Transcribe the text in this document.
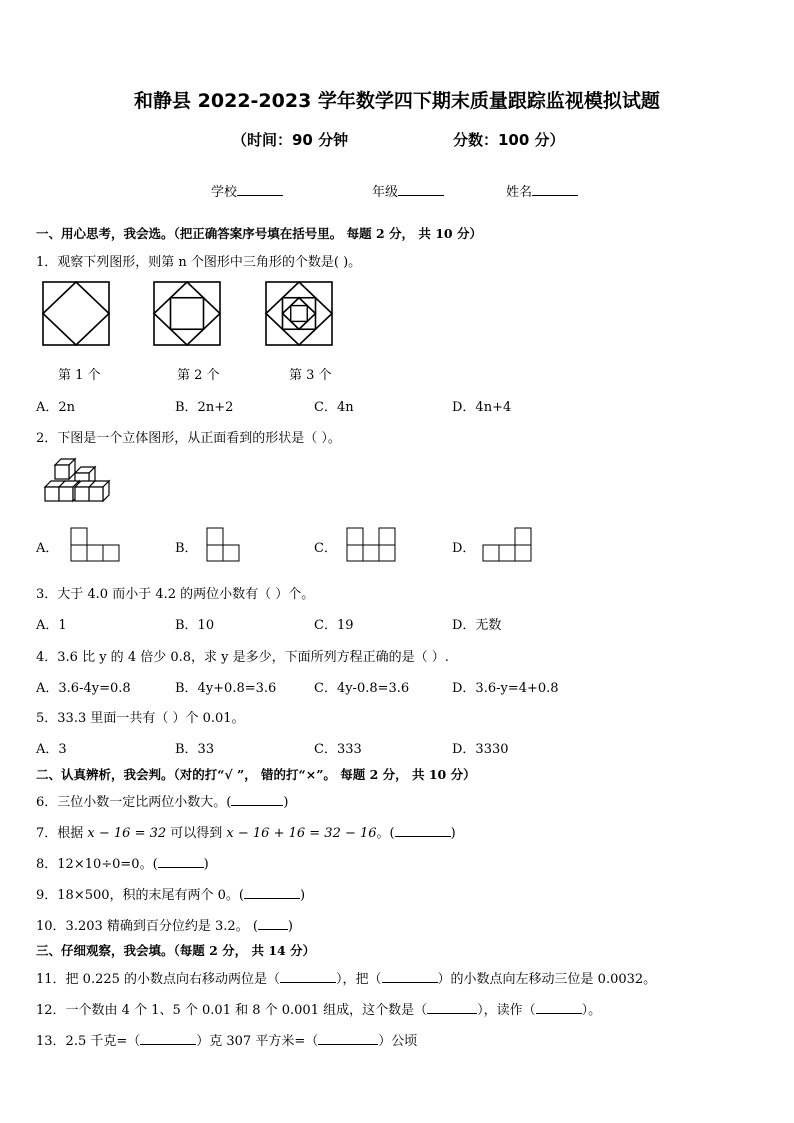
和静县 2022-2023 学年数学四下期末质量跟踪监视模拟试题
（时间：90 分钟	分数：100 分）
学校	年级	姓名
一、用心思考，我会选。（把正确答案序号填在括号里。 每题 2 分， 共 10 分）
1．观察下列图形，则第 n 个图形中三角形的个数是( )。
第 1 个	第 2 个	第 3 个
A．2n	B．2n+2	C．4n	D．4n+4
2．下图是一个立体图形，从正面看到的形状是（ ）。
A．	B．	C．	D．
3．大于 4.0 而小于 4.2 的两位小数有（ ）个。
A．1	B．10	C．19	D．无数
4．3.6 比 y 的 4 倍少 0.8，求 y 是多少，下面所列方程正确的是（ ）.
A．3.6-4y=0.8	B．4y+0.8=3.6	C．4y-0.8=3.6	D．3.6-y=4+0.8
5．33.3 里面一共有（ ）个 0.01。
A．3	B．33	C．333	D．3330
二、认真辨析，我会判。（对的打“√ ”， 错的打“×”。 每题 2 分， 共 10 分）
6．三位小数一定比两位小数大。(	)
7．根据 x − 16 = 32 可以得到 x − 16 + 16 = 32 − 16。(	)
8．12×10÷0=0。(	)
9．18×500，积的末尾有两个 0。(	)
10．3.203 精确到百分位约是 3.2。 ( )
三、仔细观察，我会填。（每题 2 分， 共 14 分）
11．把 0.225 的小数点向右移动两位是（	），把（	）的小数点向左移动三位是 0.0032。
12．一个数由 4 个 1、5 个 0.01 和 8 个 0.001 组成，这个数是（	），读作（	）。
13．2.5 千克=（	）克 307 平方米=（	）公顷
